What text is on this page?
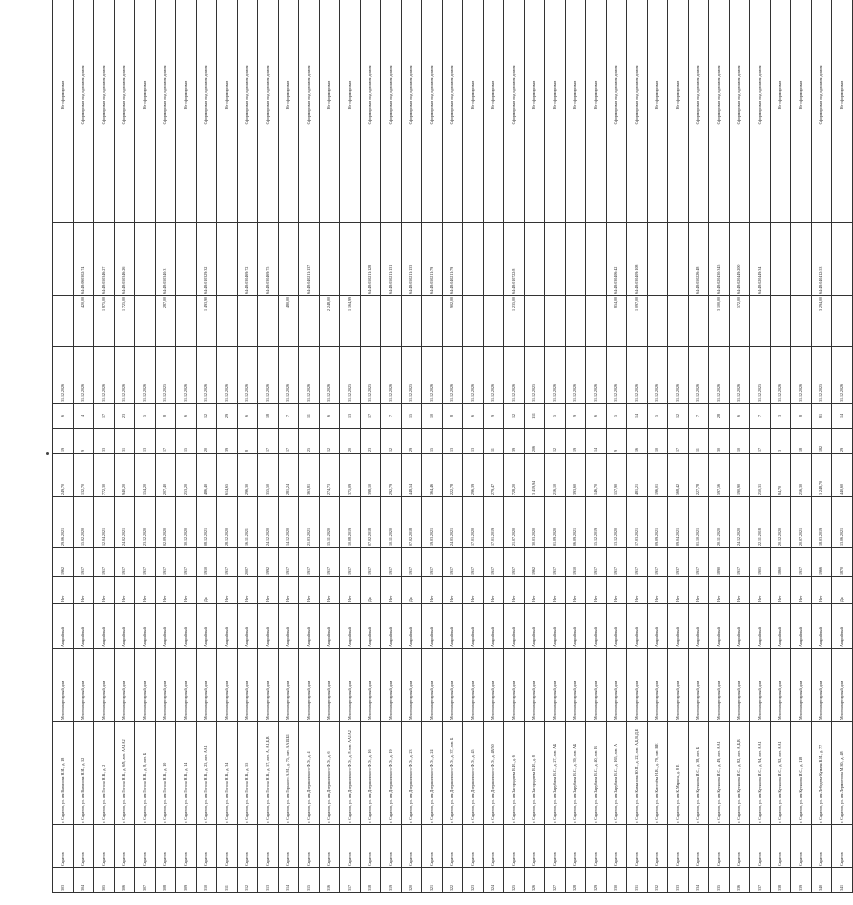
303	Саратов	г. Саратов, ул. им Вавилова Н.И., д. 18	Многоквартирный дом	Аварийный	Нет	1962	29.06.2021	249,70	19	6	31.12.2026			Не сформирован
304	Саратов	г. Саратов, ул. им Вавилова Н.И., д. 52	Многоквартирный дом	Аварийный	Нет	1917	15.02.2020	132,70	9	4	31.12.2026	420,00	64:48:060302:74	Сформирован под однимом домом
305	Саратов	г. Саратов, ул. им Гоголя Н.В., д. 2	Многоквартирный дом	Аварийный	Нет	1917	12.04.2021	772,30	33	17	31.12.2026	1 875,00	64:48:050346:27	Сформирован под однимом домом
306	Саратов	г. Саратов, ул. им Гоголя Н.В., д. 6/8, лит. АА1А2	Многоквартирный дом	Аварийный	Нет	1917	24.02.2021	940,20	31	23	31.12.2026	1 725,00	64:48:050346:26	Сформирован под однимом домом
307	Саратов	г. Саратов, ул. им Гоголя Н.В., д. 8, лит. Б	Многоквартирный дом	Аварийный	Нет	1917	23.12.2020	154,20	13	5	31.12.2026			Не сформирован
308	Саратов	г. Саратов, ул. им Гоголя Н.В., д. 10	Многоквартирный дом	Аварийный	Нет	1917	02.09.2020	207,40	17	8	31.12.2025	287,00	64:48:050340:3	Сформирован под однимом домом
309	Саратов	г. Саратов, ул. им Гоголя Н.В., д. 14	Многоквартирный дом	Аварийный	Нет	1917	30.12.2020	253,20	15	6	31.12.2026			Не сформирован
310	Саратов	г. Саратов, ул. им Гоголя Н.В., д. 25, лит. АА1	Многоквартирный дом	Аварийный	Да	1910	08.12.2021	486,40	20	12	31.12.2026	1 493,90	64:48:010329:32	Сформирован под однимом домом
311	Саратов	г. Саратов, ул. им Гоголя Н.В., д. 34	Многоквартирный дом	Аварийный	Нет	1917	28.12.2020	614,65	39	29	31.12.2026			Не сформирован
312	Саратов	г. Саратов, ул. им Гоголя Н.В., д. 55	Многоквартирный дом	Аварийный	Нет	2007	16.11.2021	296,30	8	6	31.12.2026		64:48:030469:72	Сформирован под однимом домом
313	Саратов	г. Саратов, ул. им Гоголя Н.В., д. 57, лит. А, А1,Б,В	Многоквартирный дом	Аварийный	Нет	1992	24.12.2020	355,50	17	18	31.12.2026		64:48:030469:75	Сформирован под однимом домом
314	Саратов	г. Саратов, ул. им Горького А.М., д. 75, лит. АА1ББ1	Многоквартирный дом	Аварийный	Нет	1917	14.12.2020	281,24	17	7	31.12.2026	480,00		Не сформирован
315	Саратов	г. Саратов, ул. им Дзержинского Ф.Э., д. 4	Многоквартирный дом	Аварийный	Нет	1917	21.03.2021	363,81	25	11	31.12.2026		64:48:040211:137	Сформирован под однимом домом
316	Саратов	г. Саратов, ул. им Дзержинского Ф.Э., д. 6	Многоквартирный дом	Аварийный	Нет	1917	15.11.2020	274,73	12	6	31.12.2026	2 248,00		Не сформирован
317	Саратов	г. Саратов, ул. им Дзержинского Ф.Э., д. 8 лит. АА1А2	Многоквартирный дом	Аварийный	Нет	1917	10.08.2019	375,09	20	13	31.12.2025	1 164,99		Не сформирован
318	Саратов	г. Саратов, ул. им Дзержинского Ф.Э., д. 16	Многоквартирный дом	Аварийный	Да	1917	07.02.2018	398,10	23	17	31.12.2025		64:48:050211:128	Сформирован под однимом домом
319	Саратов	г. Саратов, ул. им Дзержинского Ф.Э., д. 19	Многоквартирный дом	Аварийный	Нет	1917	10.11.2020	292,79	12	7	31.12.2026		64:48:050211:131	Сформирован под однимом домом
320	Саратов	г. Саратов, ул. им Дзержинского Ф.Э., д. 23	Многоквартирный дом	Аварийный	Да	1917	07.02.2018	448,54	29	15	31.12.2025		64:48:050211:133	Сформирован под однимом домом
321	Саратов	г. Саратов, ул. им Дзержинского Ф.Э., д. 24	Многоквартирный дом	Аварийный	Нет	1917	19.03.2021	364,46	15	10	31.12.2026		64:48:050211:79	Сформирован под однимом домом
322	Саратов	г. Саратов, ул. им Дзержинского Ф.Э., д. 37, лит. Б	Многоквартирный дом	Аварийный	Нет	1917	24.05.2021	222,78	13	8	31.12.2026	902,00	64:48:040211:79	Сформирован под однимом домом
323	Саратов	г. Саратов, ул. им Дзержинского Ф.Э., д. 45	Многоквартирный дом	Аварийный	Нет	1917	17.01.2020	296,39	13	6	31.12.2026			Не сформирован
324	Саратов	г. Саратов, ул. им Дзержинского Ф.Э., д. 48/50	Многоквартирный дом	Аварийный	Нет	1917	17.01.2019	279,47	11	9	31.12.2026			Не сформирован
325	Саратов	г. Саратов, ул. им Загороднева В.И., д. 6	Многоквартирный дом	Аварийный	Нет	1957	21.07.2020	728,20	39	12	31.12.2026	1 235,00	64:48:010722:8	Сформирован под однимом домом
326	Саратов	г. Саратов, ул. им Загороднева В.И., д. 8	Многоквартирный дом	Аварийный	Нет	1962	30.03.2020	3 419,94	206	111	31.12.2025			Не сформирован
327	Саратов	г. Саратов, ул. им Зарубина В.С., д. 27, лит. АБ	Многоквартирный дом	Аварийный	Нет	1917	01.09.2020	216,10	12	5	31.12.2026			Не сформирован
328	Саратов	г. Саратов, ул. им Зарубина В.С., д. 39, лит. АБ	Многоквартирный дом	Аварийный	Нет	1910	06.09.2021	393,60	19	9	31.12.2026			Не сформирован
329	Саратов	г. Саратов, ул. им Зарубина В.С., д. 40, лит. В	Многоквартирный дом	Аварийный	Нет	1917	15.12.2019	146,70	14	6	31.12.2026			Не сформирован
330	Саратов	г. Саратов, ул. им Зарубина В.С., д. 165, лит. А	Многоквартирный дом	Аварийный	Нет	1917	13.12.2020	157,90	9	5	31.12.2026	854,00	64:48:030406:42	Сформирован под однимом домом
331	Саратов	г. Саратов, ул. им Кавказова Ю.П., д. 22, лит. А,Б,В,Д,Е	Многоквартирный дом	Аварийный	Нет	1917	17.03.2021	481,21	16	14	31.12.2026	1 097,00	64:48:030409:108	Сформирован под однимом домом
332	Саратов	г. Саратов, ул. им Киселёва Н.В., д. 79, лит. ВЕ	Многоквартирный дом	Аварийный	Нет	1917	09.09.2021	196,01	10	5	31.12.2026			Не сформирован
333	Саратов	г. Саратов, ул. им К.Маркса, д. 8 Е	Многоквартирный дом	Аварийный	Нет	1937	09.04.2021	568,42	17	12	31.12.2026			Не сформирован
334	Саратов	г. Саратов, ул. им Кутякова И.С., д. 38, лит. Б	Многоквартирный дом	Аварийный	Нет	1917	01.10.2021	227,78	11	7	31.12.2026		64:48:050226:48	Сформирован под однимом домом
335	Саратов	г. Саратов, ул. им Кутякова И.С., д. 49, лит. АА1	Многоквартирный дом	Аварийный	Нет	1890	20.11.2020	597,56	30	28	31.12.2026	3 100,00	64:48:020430:345	Сформирован под однимом домом
336	Саратов	г. Саратов, ул. им Кутякова И.С., д. 82, лит. А,Б,В	Многоквартирный дом	Аварийный	Нет	1917	24.12.2020	190,90	10	6	31.12.2026	572,00	64:48:020449:200	Сформирован под однимом домом
337	Саратов	г. Саратов, ул. им Кутякова И.С., д. 94, лит. АА1	Многоквартирный дом	Аварийный	Нет	1905	22.11.2018	250,31	17	7	31.12.2025		64:48:020449:34	Сформирован под однимом домом
338	Саратов	г. Саратов, ул. им Кутякова И.С., д. 92, лит. АА1	Многоквартирный дом	Аварийный	Нет	1860	20.12.2020	84,70	3	3	31.12.2026			Не сформирован
339	Саратов	г. Саратов, ул. им Кутякова И.С., д. 118	Многоквартирный дом	Аварийный	Нет	1917	20.07.2021	256,30	18	8	31.12.2026			Не сформирован
340	Саратов	г. Саратов, ул. им Лебедева-Кумача В.И., д. 77	Многоквартирный дом	Аварийный	Нет	1966	18.03.2019	3 248,70	182	81	31.12.2025	3 294,00	64:48:040412:53	Сформирован под однимом домом
341	Саратов	г. Саратов, ул. им Лермонтова М.Ю., д. 48	Многоквартирный дом	Аварийный	Да	1870	13.06.2021	440,60	29	14	31.12.2026			Не сформирован
